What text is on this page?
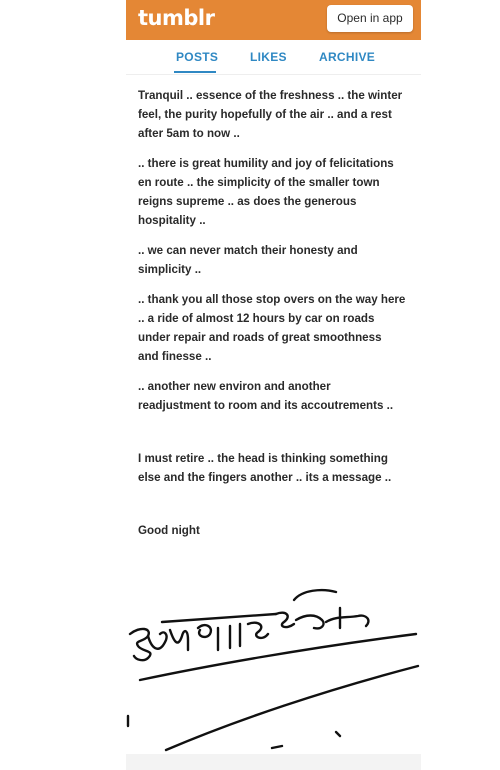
tumblr	Open in app
POSTS	LIKES	ARCHIVE

Tranquil .. essence of the freshness .. the winter
feel, the purity hopefully of the air .. and a rest
after 5am to now ..

.. there is great humility and joy of felicitations
en route .. the simplicity of the smaller town
reigns supreme .. as does the generous
hospitality ..

.. we can never match their honesty and
simplicity ..

.. thank you all those stop overs on the way here
.. a ride of almost 12 hours by car on roads
under repair and roads of great smoothness
and finesse ..

.. another new environ and another
readjustment to room and its accoutrements ..

I must retire .. the head is thinking something
else and the fingers another .. its a message ..

Good night
